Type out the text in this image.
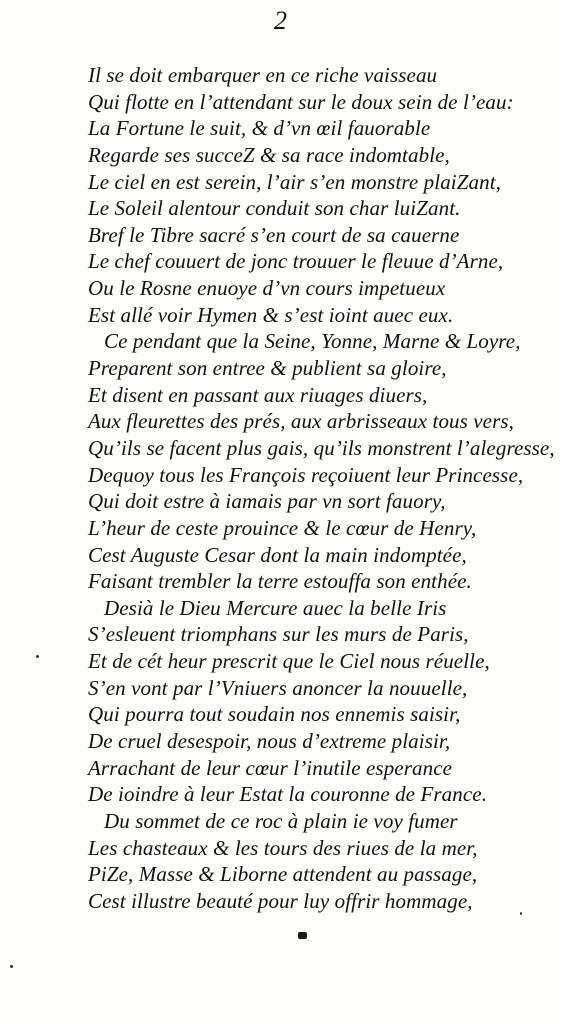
2
Il se doit embarquer en ce riche vaisseau
Qui flotte en l’attendant sur le doux sein de l’eau:
La Fortune le suit, & d’vn œil fauorable
Regarde ses succeZ & sa race indomtable,
Le ciel en est serein, l’air s’en monstre plaiZant,
Le Soleil alentour conduit son char luiZant.
Bref le Tibre sacré s’en court de sa cauerne
Le chef couuert de jonc trouuer le fleuue d’Arne,
Ou le Rosne enuoye d’vn cours impetueux
Est allé voir Hymen & s’est ioint auec eux.
Ce pendant que la Seine, Yonne, Marne & Loyre,
Preparent son entree & publient sa gloire,
Et disent en passant aux riuages diuers,
Aux fleurettes des prés, aux arbrisseaux tous vers,
Qu’ils se facent plus gais, qu’ils monstrent l’alegresse,
Dequoy tous les François reçoiuent leur Princesse,
Qui doit estre à iamais par vn sort fauory,
L’heur de ceste prouince & le cœur de Henry,
Cest Auguste Cesar dont la main indomptée,
Faisant trembler la terre estouffa son enthée.
Desià le Dieu Mercure auec la belle Iris
S’esleuent triomphans sur les murs de Paris,
Et de cét heur prescrit que le Ciel nous réuelle,
S’en vont par l’Vniuers anoncer la nouuelle,
Qui pourra tout soudain nos ennemis saisir,
De cruel desespoir, nous d’extreme plaisir,
Arrachant de leur cœur l’inutile esperance
De ioindre à leur Estat la couronne de France.
Du sommet de ce roc à plain ie voy fumer
Les chasteaux & les tours des riues de la mer,
PiZe, Masse & Liborne attendent au passage,
Cest illustre beauté pour luy offrir hommage,
